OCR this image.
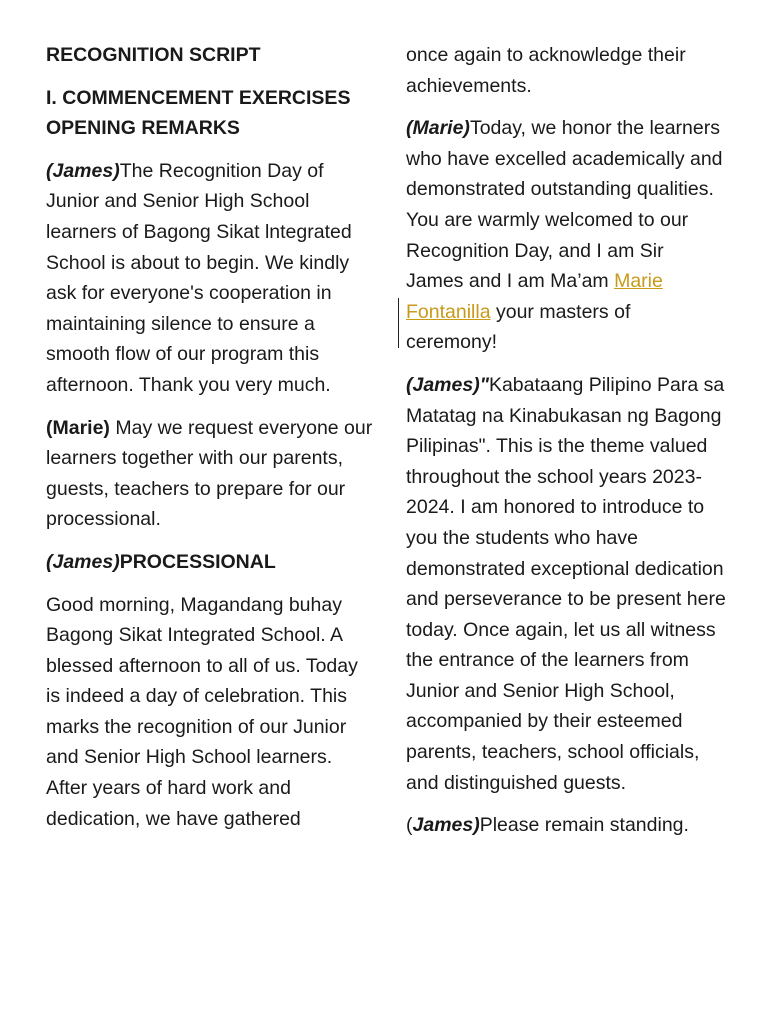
RECOGNITION SCRIPT

I. COMMENCEMENT EXERCISES OPENING REMARKS

(James)The Recognition Day of Junior and Senior High School learners of Bagong Sikat lntegrated School is about to begin. We kindly ask for everyone's cooperation in maintaining silence to ensure a smooth flow of our program this afternoon. Thank you very much.

(Marie) May we request everyone our learners together with our parents, guests, teachers to prepare for our processional.

(James)PROCESSIONAL

Good morning, Magandang buhay Bagong Sikat Integrated School. A blessed afternoon to all of us. Today is indeed a day of celebration. This marks the recognition of our Junior and Senior High School learners. After years of hard work and dedication, we have gathered

once again to acknowledge their achievements.

(Marie)Today, we honor the learners who have excelled academically and demonstrated outstanding qualities. You are warmly welcomed to our Recognition Day, and I am Sir James and I am Ma’am Marie Fontanilla your masters of ceremony!

(James)"Kabataang Pilipino Para sa Matatag na Kinabukasan ng Bagong Pilipinas". This is the theme valued throughout the school years 2023-2024. I am honored to introduce to you the students who have demonstrated exceptional dedication and perseverance to be present here today. Once again, let us all witness the entrance of the learners from Junior and Senior High School, accompanied by their esteemed parents, teachers, school officials, and distinguished guests.

(James)Please remain standing.
